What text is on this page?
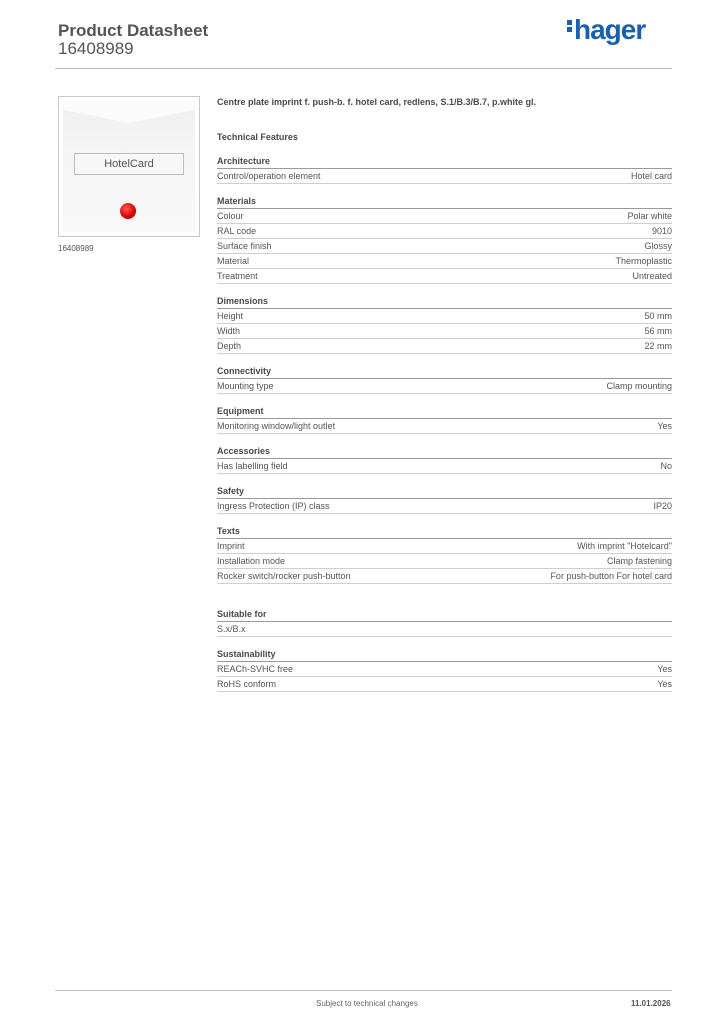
Product Datasheet
16408989
hager
HotelCard
16408989
Centre plate imprint f. push-b. f. hotel card, redlens, S.1/B.3/B.7, p.white gl.
Technical Features
Architecture
Control/operation element	Hotel card
Materials
Colour	Polar white
RAL code	9010
Surface finish	Glossy
Material	Thermoplastic
Treatment	Untreated
Dimensions
Height	50 mm
Width	56 mm
Depth	22 mm
Connectivity
Mounting type	Clamp mounting
Equipment
Monitoring window/light outlet	Yes
Accessories
Has labelling field	No
Safety
Ingress Protection (IP) class	IP20
Texts
Imprint	With imprint "Hotelcard"
Installation mode	Clamp fastening
Rocker switch/rocker push-button	For push-button For hotel card
Suitable for
S.x/B.x
Sustainability
REACh-SVHC free	Yes
RoHS conform	Yes
Subject to technical changes	11.01.2026
